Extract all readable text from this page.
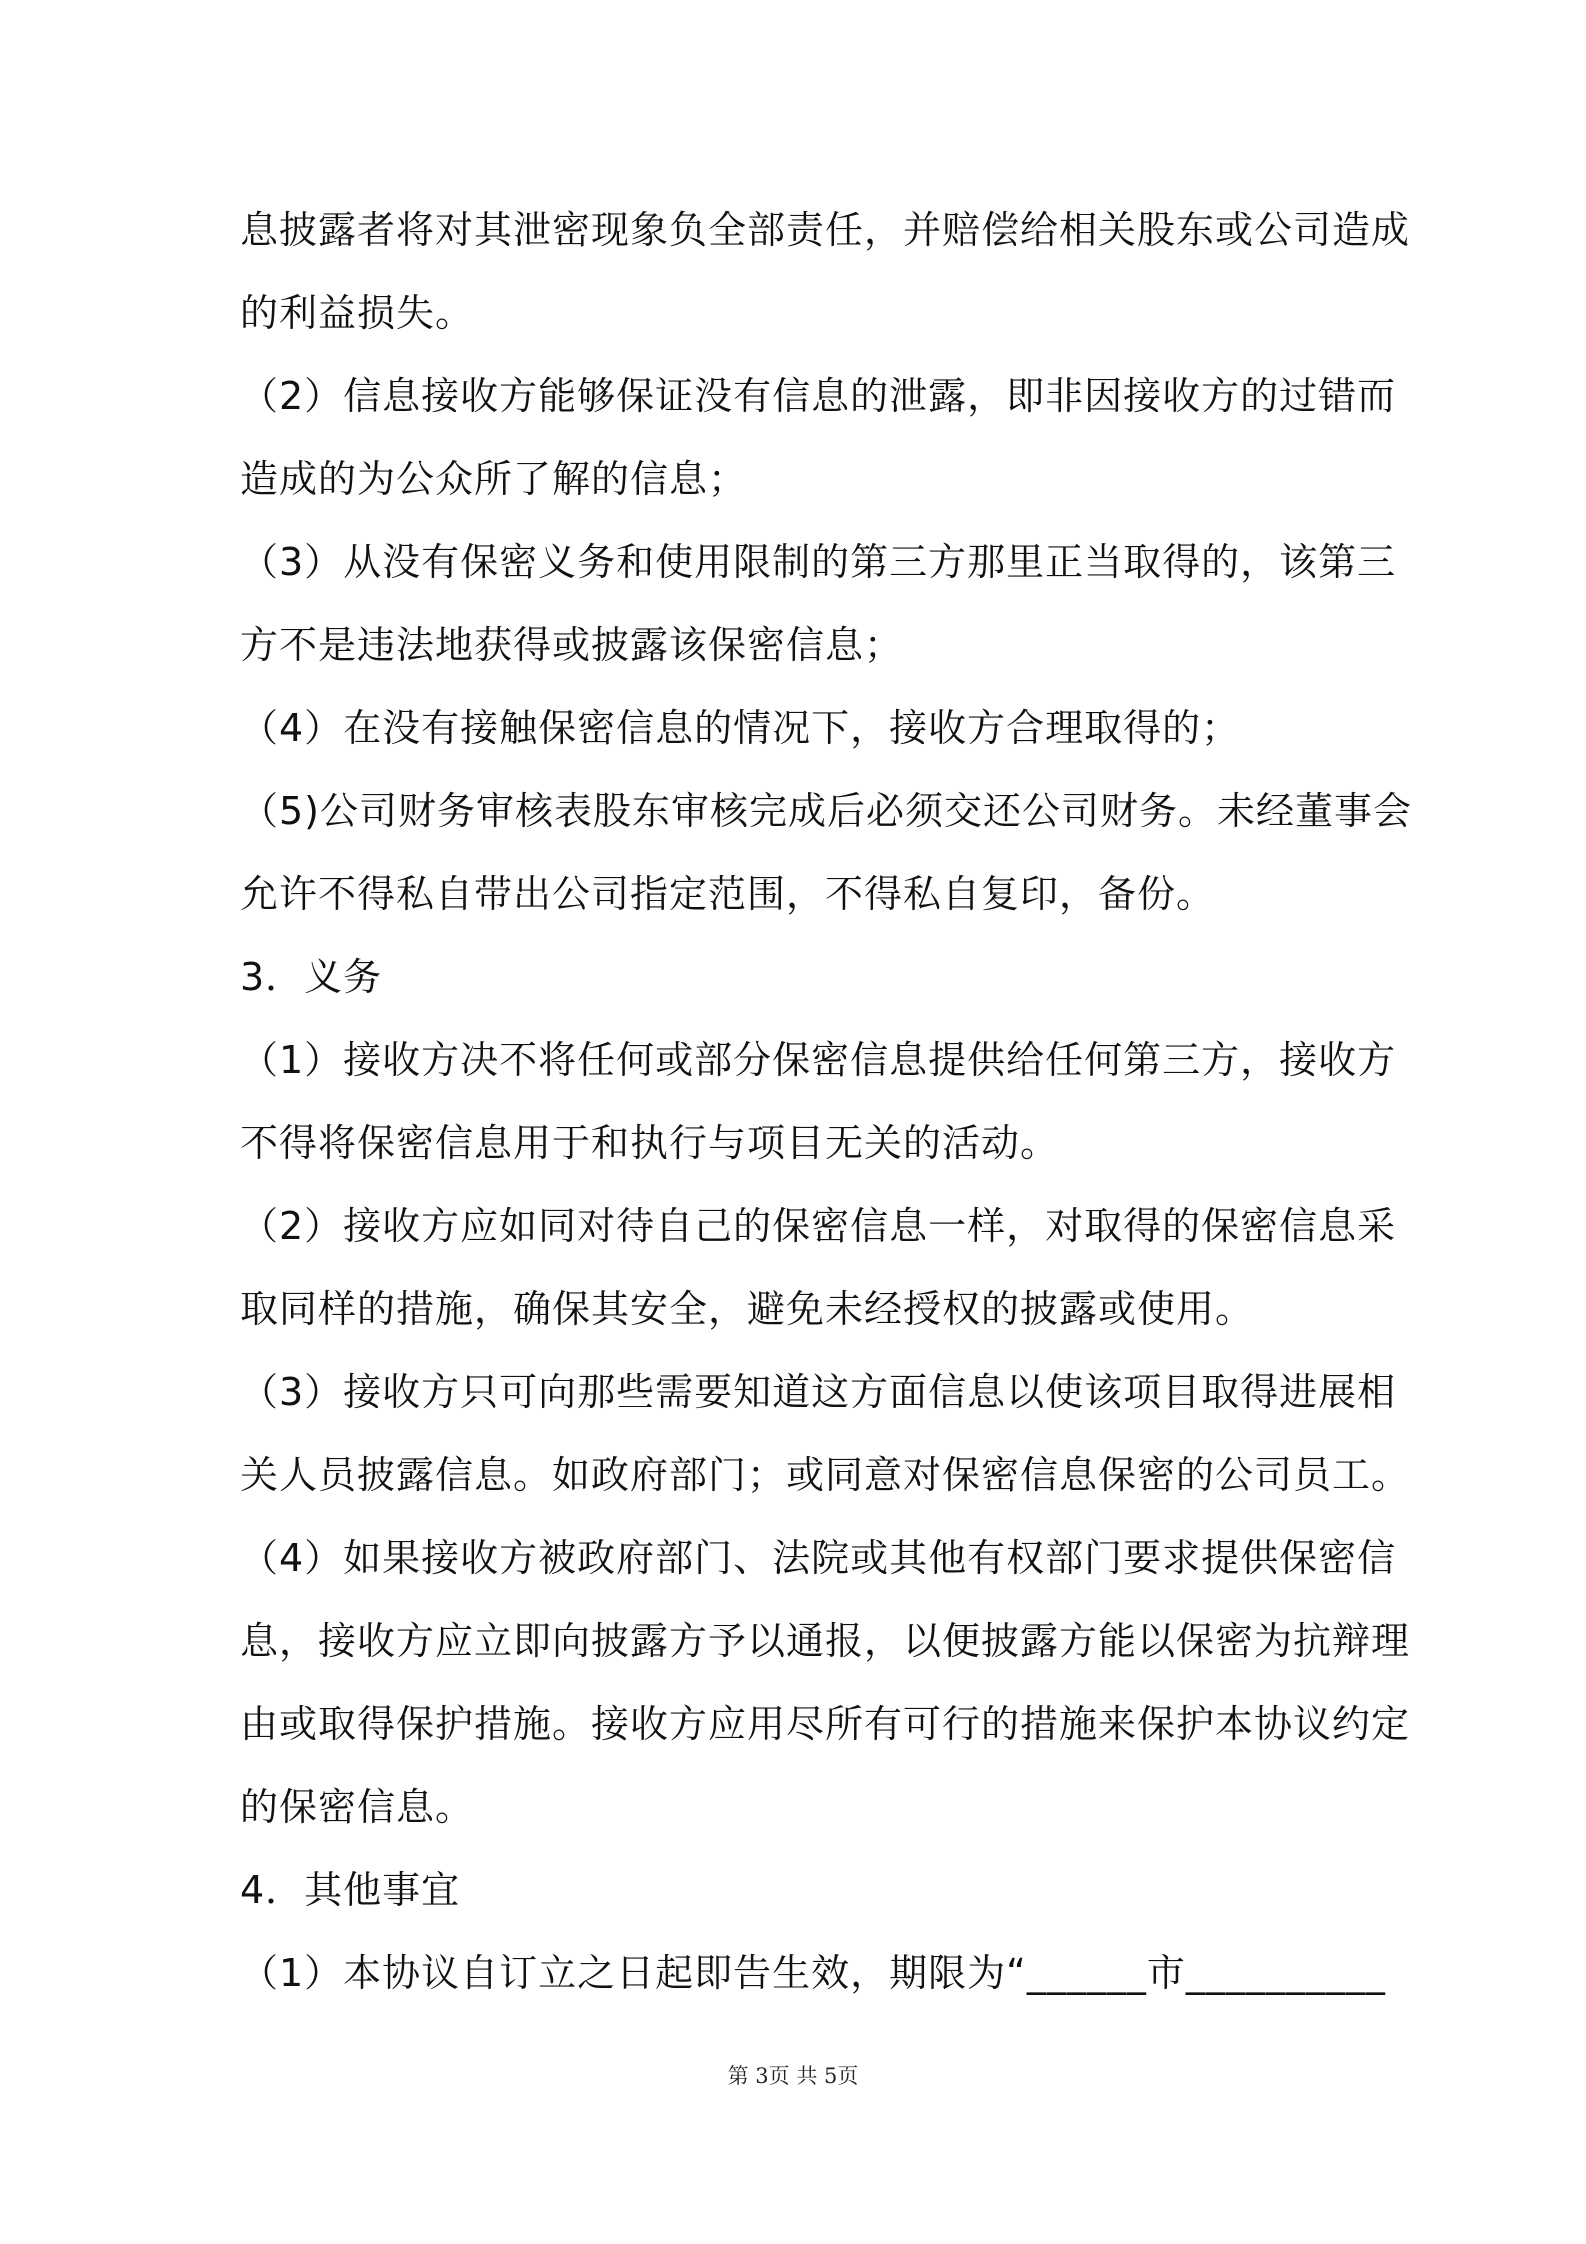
息披露者将对其泄密现象负全部责任，并赔偿给相关股东或公司造成
的利益损失。
（2）信息接收方能够保证没有信息的泄露，即非因接收方的过错而
造成的为公众所了解的信息；
（3）从没有保密义务和使用限制的第三方那里正当取得的，该第三
方不是违法地获得或披露该保密信息；
（4）在没有接触保密信息的情况下，接收方合理取得的；
（5)公司财务审核表股东审核完成后必须交还公司财务。未经董事会
允许不得私自带出公司指定范围，不得私自复印，备份。
3．义务
（1）接收方决不将任何或部分保密信息提供给任何第三方，接收方
不得将保密信息用于和执行与项目无关的活动。
（2）接收方应如同对待自己的保密信息一样，对取得的保密信息采
取同样的措施，确保其安全，避免未经授权的披露或使用。
（3）接收方只可向那些需要知道这方面信息以使该项目取得进展相
关人员披露信息。如政府部门；或同意对保密信息保密的公司员工。
（4）如果接收方被政府部门、法院或其他有权部门要求提供保密信
息，接收方应立即向披露方予以通报，以便披露方能以保密为抗辩理
由或取得保护措施。接收方应用尽所有可行的措施来保护本协议约定
的保密信息。
4．其他事宜
（1）本协议自订立之日起即告生效，期限为“______市__________
第 3页 共 5页
